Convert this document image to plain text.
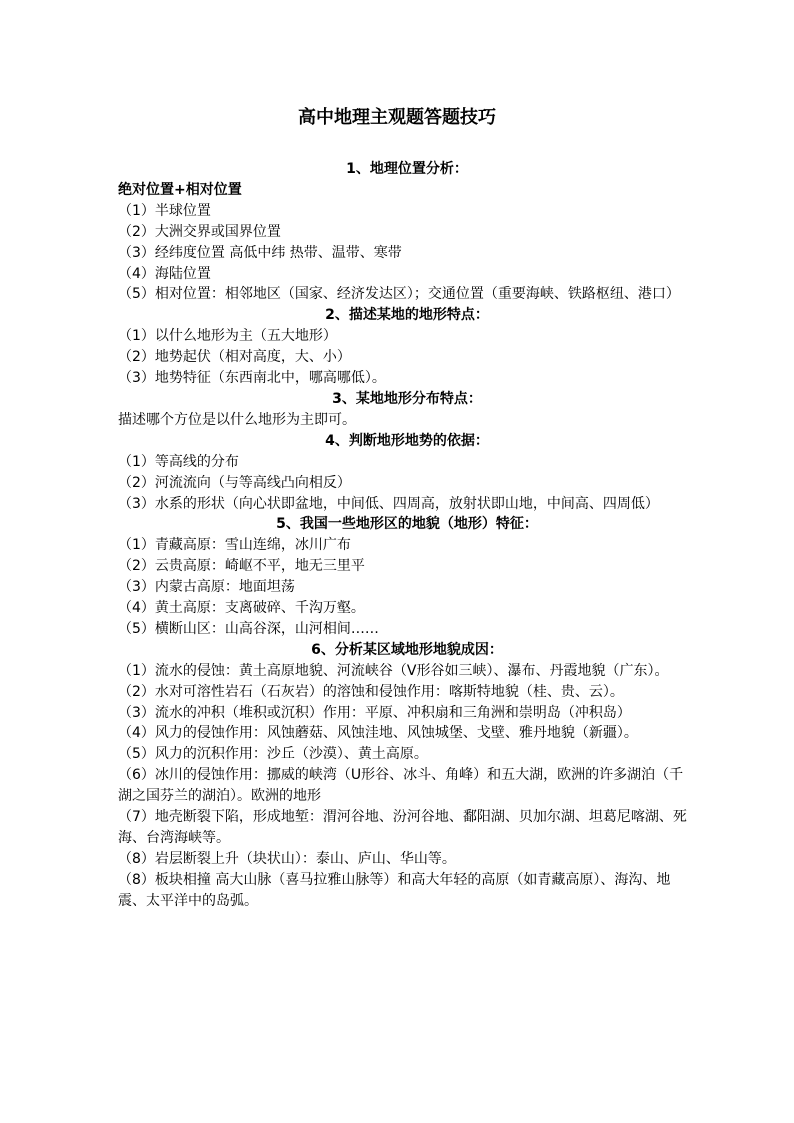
高中地理主观题答题技巧

1、地理位置分析：

绝对位置+相对位置

（1）半球位置

（2）大洲交界或国界位置

（3）经纬度位置 高低中纬 热带、温带、寒带

（4）海陆位置

（5）相对位置：相邻地区（国家、经济发达区）；交通位置（重要海峡、铁路枢纽、港口）

2、描述某地的地形特点：

（1）以什么地形为主（五大地形）

（2）地势起伏（相对高度，大、小）

（3）地势特征（东西南北中，哪高哪低）。

3、某地地形分布特点：

描述哪个方位是以什么地形为主即可。

4、判断地形地势的依据：

（1）等高线的分布

（2）河流流向（与等高线凸向相反）

（3）水系的形状（向心状即盆地，中间低、四周高，放射状即山地，中间高、四周低）

5、我国一些地形区的地貌（地形）特征：

（1）青藏高原：雪山连绵，冰川广布

（2）云贵高原：崎岖不平，地无三里平

（3）内蒙古高原：地面坦荡

（4）黄土高原：支离破碎、千沟万壑。

（5）横断山区：山高谷深，山河相间……

6、分析某区域地形地貌成因：

（1）流水的侵蚀：黄土高原地貌、河流峡谷（V形谷如三峡）、瀑布、丹霞地貌（广东）。

（2）水对可溶性岩石（石灰岩）的溶蚀和侵蚀作用：喀斯特地貌（桂、贵、云）。

（3）流水的冲积（堆积或沉积）作用：平原、冲积扇和三角洲和崇明岛（冲积岛）

（4）风力的侵蚀作用：风蚀蘑菇、风蚀洼地、风蚀城堡、戈壁、雅丹地貌（新疆）。

（5）风力的沉积作用：沙丘（沙漠）、黄土高原。

（6）冰川的侵蚀作用：挪威的峡湾（U形谷、冰斗、角峰）和五大湖，欧洲的许多湖泊（千湖之国芬兰的湖泊）。欧洲的地形

（7）地壳断裂下陷，形成地堑：渭河谷地、汾河谷地、鄱阳湖、贝加尔湖、坦葛尼喀湖、死海、台湾海峡等。

（8）岩层断裂上升（块状山）：泰山、庐山、华山等。

（8）板块相撞 高大山脉（喜马拉雅山脉等）和高大年轻的高原（如青藏高原）、海沟、地震、太平洋中的岛弧。
